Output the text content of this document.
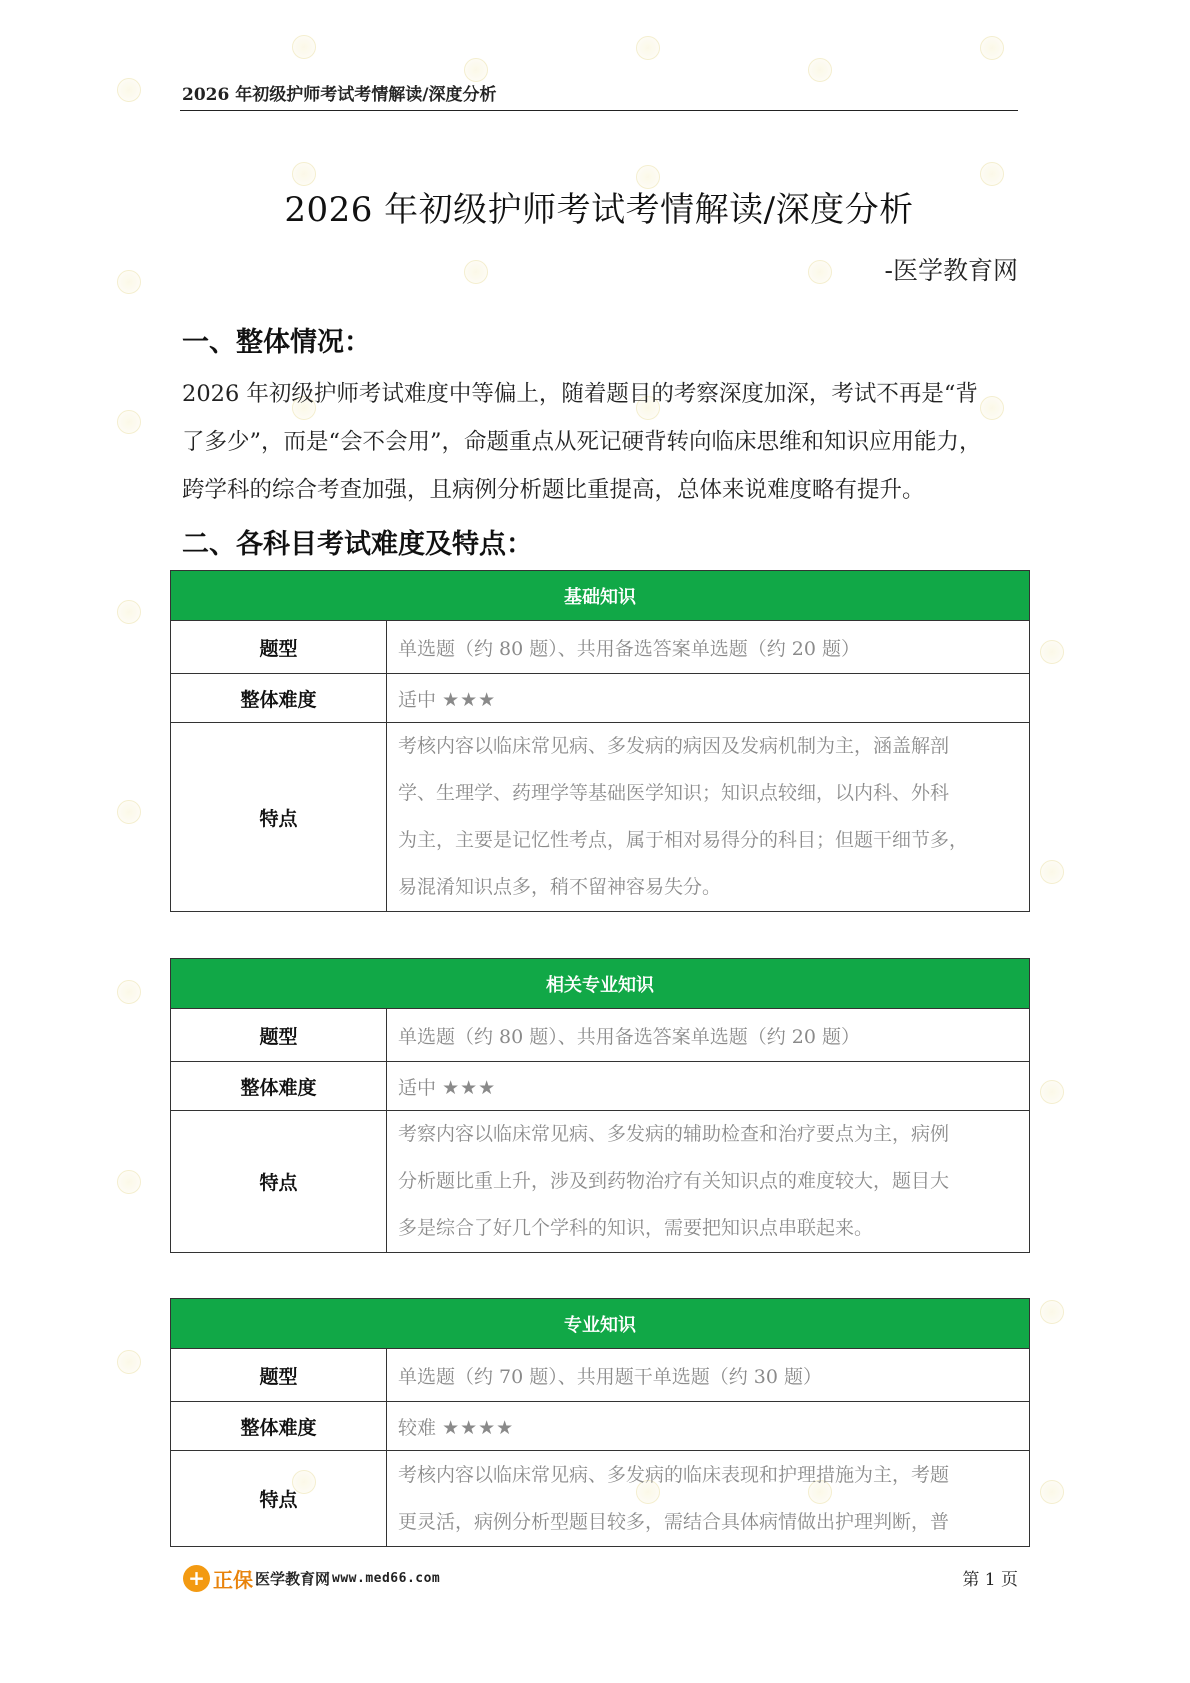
2026 年初级护师考试考情解读/深度分析
2026 年初级护师考试考情解读/深度分析
-医学教育网
一、整体情况：
2026 年初级护师考试难度中等偏上，随着题目的考察深度加深，考试不再是“背
了多少”，而是“会不会用”，命题重点从死记硬背转向临床思维和知识应用能力，
跨学科的综合考查加强，且病例分析题比重提高，总体来说难度略有提升。
二、各科目考试难度及特点：
基础知识	
题型	单选题（约 80 题）、共用备选答案单选题（约 20 题）
整体难度	适中 ★★★
特点	考核内容以临床常见病、多发病的病因及发病机制为主，涵盖解剖
学、生理学、药理学等基础医学知识；知识点较细，以内科、外科
为主，主要是记忆性考点，属于相对易得分的科目；但题干细节多，
易混淆知识点多，稍不留神容易失分。
相关专业知识	
题型	单选题（约 80 题）、共用备选答案单选题（约 20 题）
整体难度	适中 ★★★
特点	考察内容以临床常见病、多发病的辅助检查和治疗要点为主，病例
分析题比重上升，涉及到药物治疗有关知识点的难度较大，题目大
多是综合了好几个学科的知识，需要把知识点串联起来。
专业知识	
题型	单选题（约 70 题）、共用题干单选题（约 30 题）
整体难度	较难 ★★★★
特点	考核内容以临床常见病、多发病的临床表现和护理措施为主，考题
更灵活，病例分析型题目较多，需结合具体病情做出护理判断，普
+ 正保 医学教育网 www.med66.com	第 1 页
